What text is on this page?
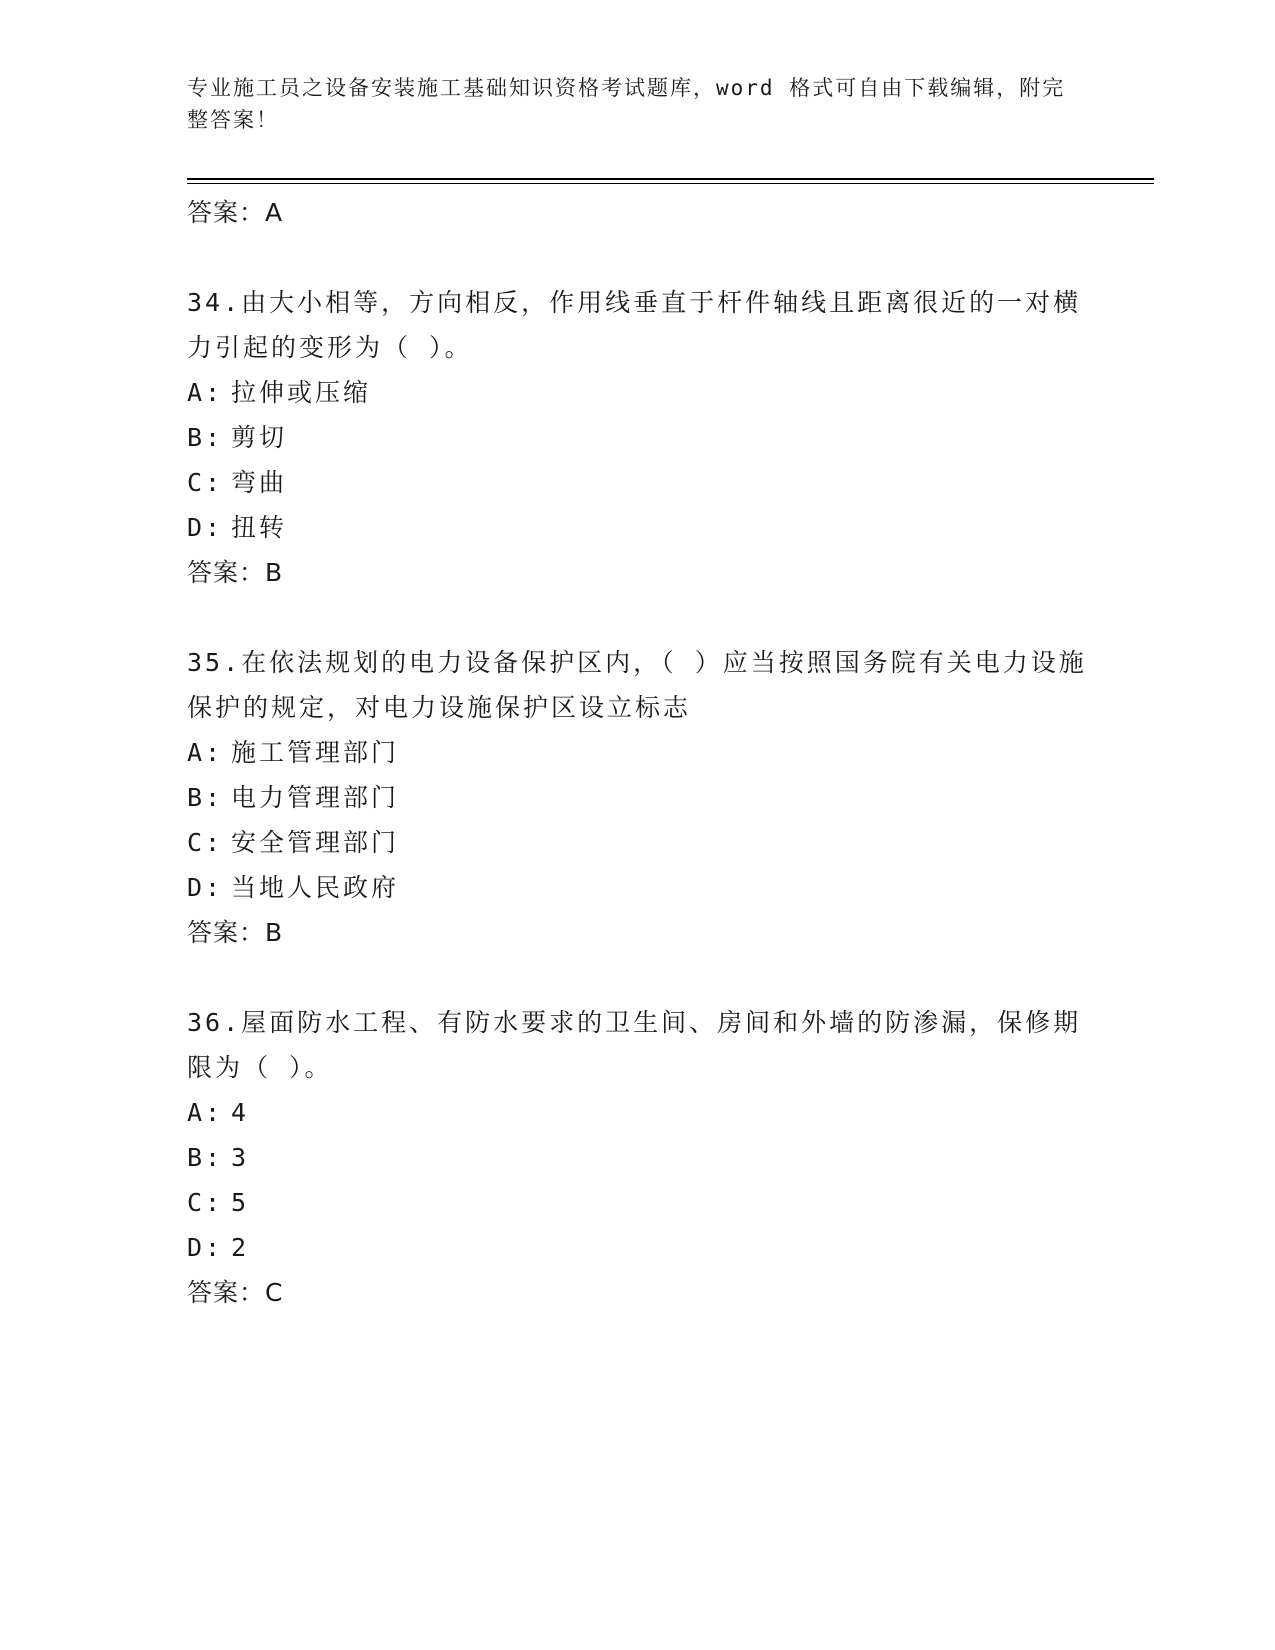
专业施工员之设备安装施工基础知识资格考试题库，word 格式可自由下载编辑，附完整答案！
答案：A
34.由大小相等，方向相反，作用线垂直于杆件轴线且距离很近的一对横力引起的变形为（ ）。
A: 拉伸或压缩
B: 剪切
C: 弯曲
D: 扭转
答案：B
35.在依法规划的电力设备保护区内，（ ）应当按照国务院有关电力设施保护的规定，对电力设施保护区设立标志
A: 施工管理部门
B: 电力管理部门
C: 安全管理部门
D: 当地人民政府
答案：B
36.屋面防水工程、有防水要求的卫生间、房间和外墙的防渗漏，保修期限为（ ）。
A: 4
B: 3
C: 5
D: 2
答案：C
